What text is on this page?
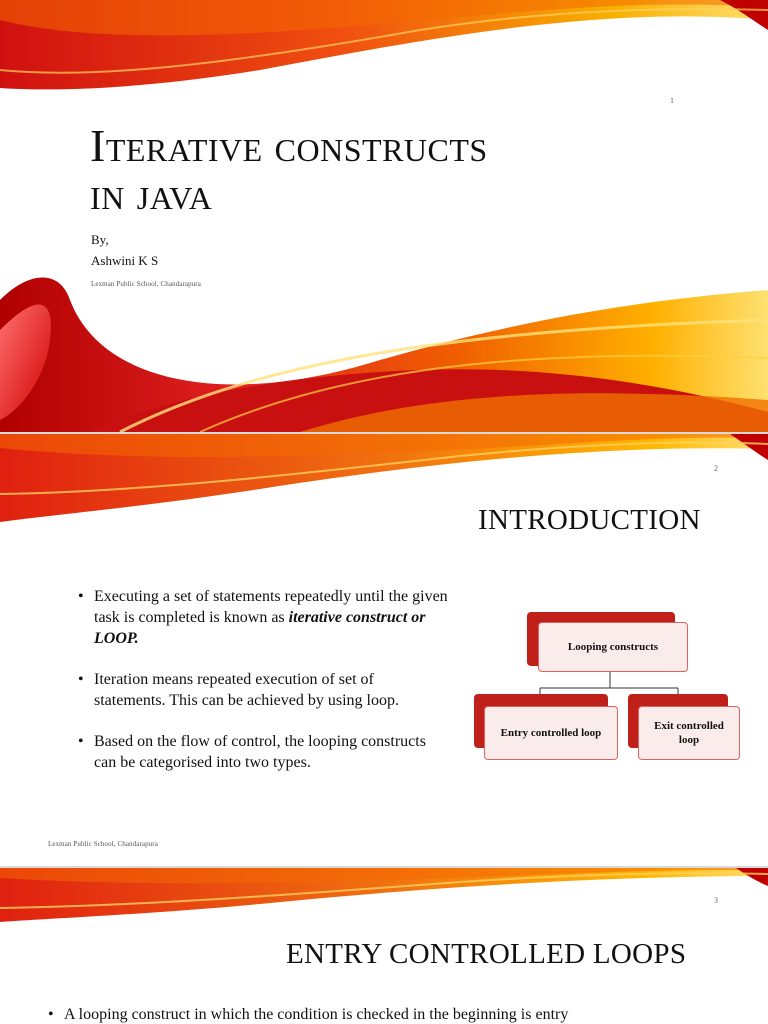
1
Iterative constructs
in java
By,
Ashwini K S
Lexman Public School, Chandarapura
2
INTRODUCTION
• Executing a set of statements repeatedly until the given task is completed is known as iterative construct or LOOP.
• Iteration means repeated execution of set of statements. This can be achieved by using loop.
• Based on the flow of control, the looping constructs can be categorised into two types.
Looping constructs
Entry controlled loop
Exit controlled loop
Lexman Public School, Chandarapura
3
ENTRY CONTROLLED LOOPS
• A looping construct in which the condition is checked in the beginning is entry
